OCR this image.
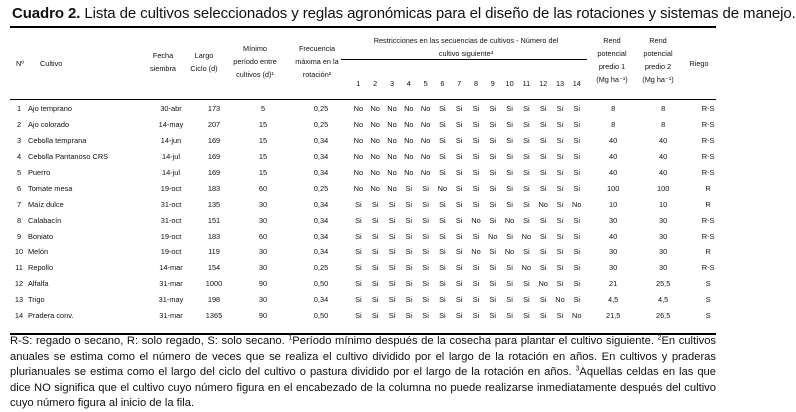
Cuadro 2. Lista de cultivos seleccionados y reglas agronómicas para el diseño de las rotaciones y sistemas de manejo.
Nº	Cultivo
Fecha
siembra
Largo
Ciclo (d)
Mínimo
período entre
cultivos (d)¹
Frecuencia
máxima en la
rotación²
Restricciones en las secuencias de cultivos - Número del
cultivo siguiente³
Rend
potencial
predio 1
(Mg ha⁻¹)
Rend
potencial
predio 2
(Mg ha⁻¹)
Riego
1	2	3	4	5	6	7	8	9	10	11	12	13	14
1	Ajo temprano	30-abr	173	5	0,25	No	No	No	No	No	Si	Si	Si	Si	Si	Si	Si	Si	Si	8	8	R-S
2	Ajo colorado	14-may	207	15	0,25	No	No	No	No	No	Si	Si	Si	Si	Si	Si	Si	Si	Si	8	8	R-S
3	Cebolla temprana	14-jun	169	15	0,34	No	No	No	No	No	Si	Si	Si	Si	Si	Si	Si	Si	Si	40	40	R-S
4	Cebolla Pantanoso CRS	14-jul	169	15	0,34	No	No	No	No	No	Si	Si	Si	Si	Si	Si	Si	Si	Si	40	40	R-S
5	Puerro	14-jul	169	15	0,34	No	No	No	No	No	Si	Si	Si	Si	Si	Si	Si	Si	Si	40	40	R-S
6	Tomate mesa	19-oct	183	60	0,25	No	No	No	Si	Si	No	Si	Si	Si	Si	Si	Si	Si	Si	100	100	R
7	Maíz dulce	31-oct	135	30	0,34	Si	Si	Si	Si	Si	Si	Si	Si	Si	Si	Si	No	Si	No	10	10	R
8	Calabacín	31-oct	151	30	0,34	Si	Si	Si	Si	Si	Si	Si	No	Si	No	Si	Si	Si	Si	30	30	R-S
9	Boniato	19-oct	183	60	0,34	Si	Si	Si	Si	Si	Si	Si	Si	No	Si	No	Si	Si	Si	40	30	R-S
10	Melón	19-oct	119	30	0,34	Si	Si	Si	Si	Si	Si	Si	No	Si	No	Si	Si	Si	Si	30	30	R
11	Repollo	14-mar	154	30	0,25	Si	Si	Si	Si	Si	Si	Si	Si	Si	Si	No	Si	Si	Si	30	30	R-S
12	Alfalfa	31-mar	1000	90	0,50	Si	Si	Si	Si	Si	Si	Si	Si	Si	Si	Si	No	Si	Si	21	25,5	S
13	Trigo	31-may	198	30	0,34	Si	Si	Si	Si	Si	Si	Si	Si	Si	Si	Si	Si	No	Si	4,5	4,5	S
14	Pradera conv.	31-mar	1365	90	0,50	Si	Si	Si	Si	Si	Si	Si	Si	Si	Si	Si	Si	Si	No	21,5	26,5	S
R-S: regado o secano, R: solo regado, S: solo secano. $^1$Período mínimo después de la cosecha para plantar el cultivo siguiente. $^2$En cultivos anuales se estima como el número de veces que se realiza el cultivo dividido por el largo de la rotación en años. En cultivos y praderas plurianuales se estima como el largo del ciclo del cultivo o pastura dividido por el largo de la rotación en años. $^3$Aquellas celdas en las que dice NO significa que el cultivo cuyo número figura en el encabezado de la columna no puede realizarse inmediatamente después del cultivo cuyo número figura al inicio de la fila.
